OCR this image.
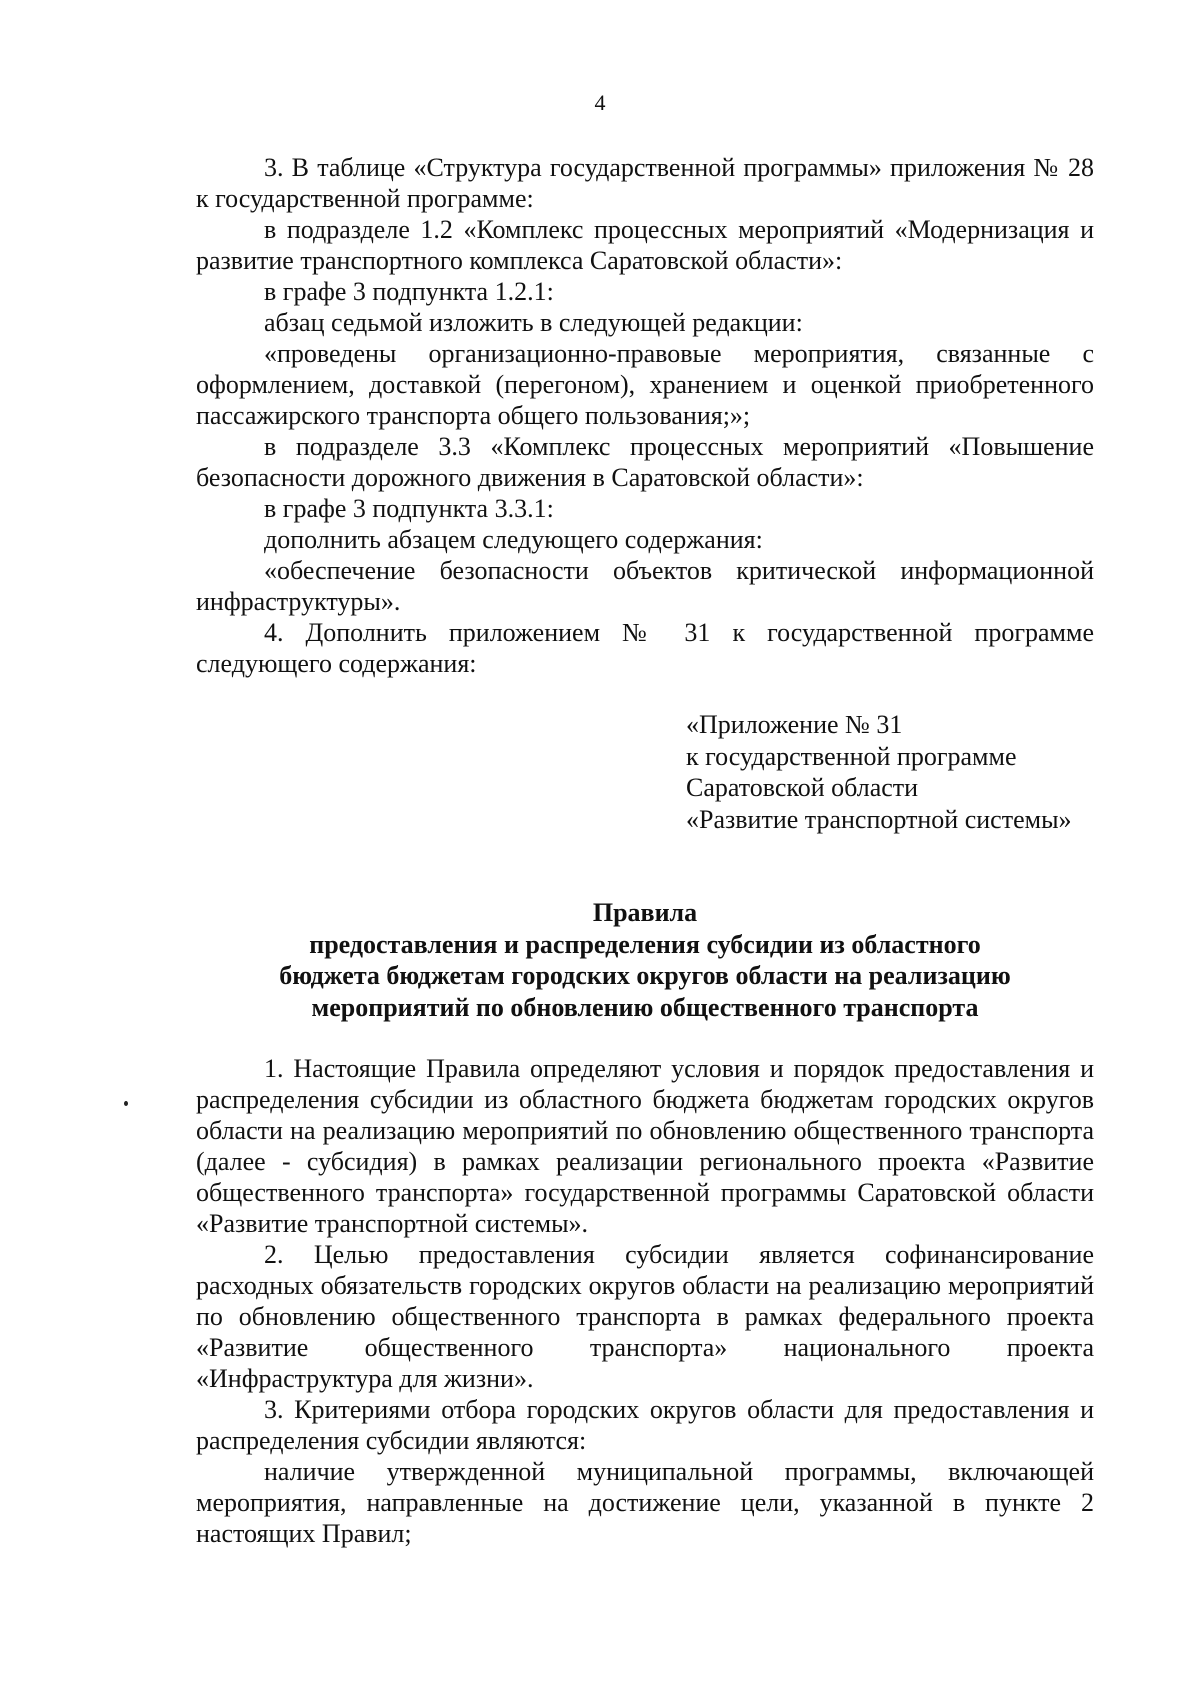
4

3. В таблице «Структура государственной программы» приложения № 28 к государственной программе:

в подразделе 1.2 «Комплекс процессных мероприятий «Модернизация и развитие транспортного комплекса Саратовской области»:

в графе 3 подпункта 1.2.1:

абзац седьмой изложить в следующей редакции:

«проведены организационно-правовые мероприятия, связанные с оформлением, доставкой (перегоном), хранением и оценкой приобретенного пассажирского транспорта общего пользования;»;

в подразделе 3.3 «Комплекс процессных мероприятий «Повышение безопасности дорожного движения в Саратовской области»:

в графе 3 подпункта 3.3.1:

дополнить абзацем следующего содержания:

«обеспечение безопасности объектов критической информационной инфраструктуры».

4. Дополнить приложением № 31 к государственной программе следующего содержания:

«Приложение № 31
к государственной программе
Саратовской области
«Развитие транспортной системы»
Правила
предоставления и распределения субсидии из областного
бюджета бюджетам городских округов области на реализацию
мероприятий по обновлению общественного транспорта

1. Настоящие Правила определяют условия и порядок предоставления и распределения субсидии из областного бюджета бюджетам городских округов области на реализацию мероприятий по обновлению общественного транспорта (далее - субсидия) в рамках реализации регионального проекта «Развитие общественного транспорта» государственной программы Саратовской области «Развитие транспортной системы».

2. Целью предоставления субсидии является софинансирование расходных обязательств городских округов области на реализацию мероприятий по обновлению общественного транспорта в рамках федерального проекта «Развитие общественного транспорта» национального проекта «Инфраструктура для жизни».

3. Критериями отбора городских округов области для предоставления и распределения субсидии являются:

наличие утвержденной муниципальной программы, включающей мероприятия, направленные на достижение цели, указанной в пункте 2 настоящих Правил;
